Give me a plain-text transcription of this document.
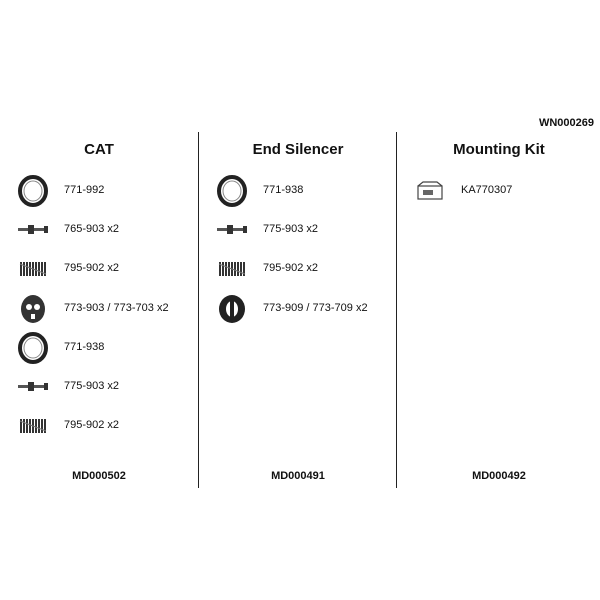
WN000269
CAT
771-992
765-903 x2
795-902 x2
773-903 / 773-703 x2
771-938
775-903 x2
795-902 x2
MD000502
End Silencer
771-938
775-903 x2
795-902 x2
773-909 / 773-709 x2
MD000491
Mounting Kit
KA770307
MD000492
